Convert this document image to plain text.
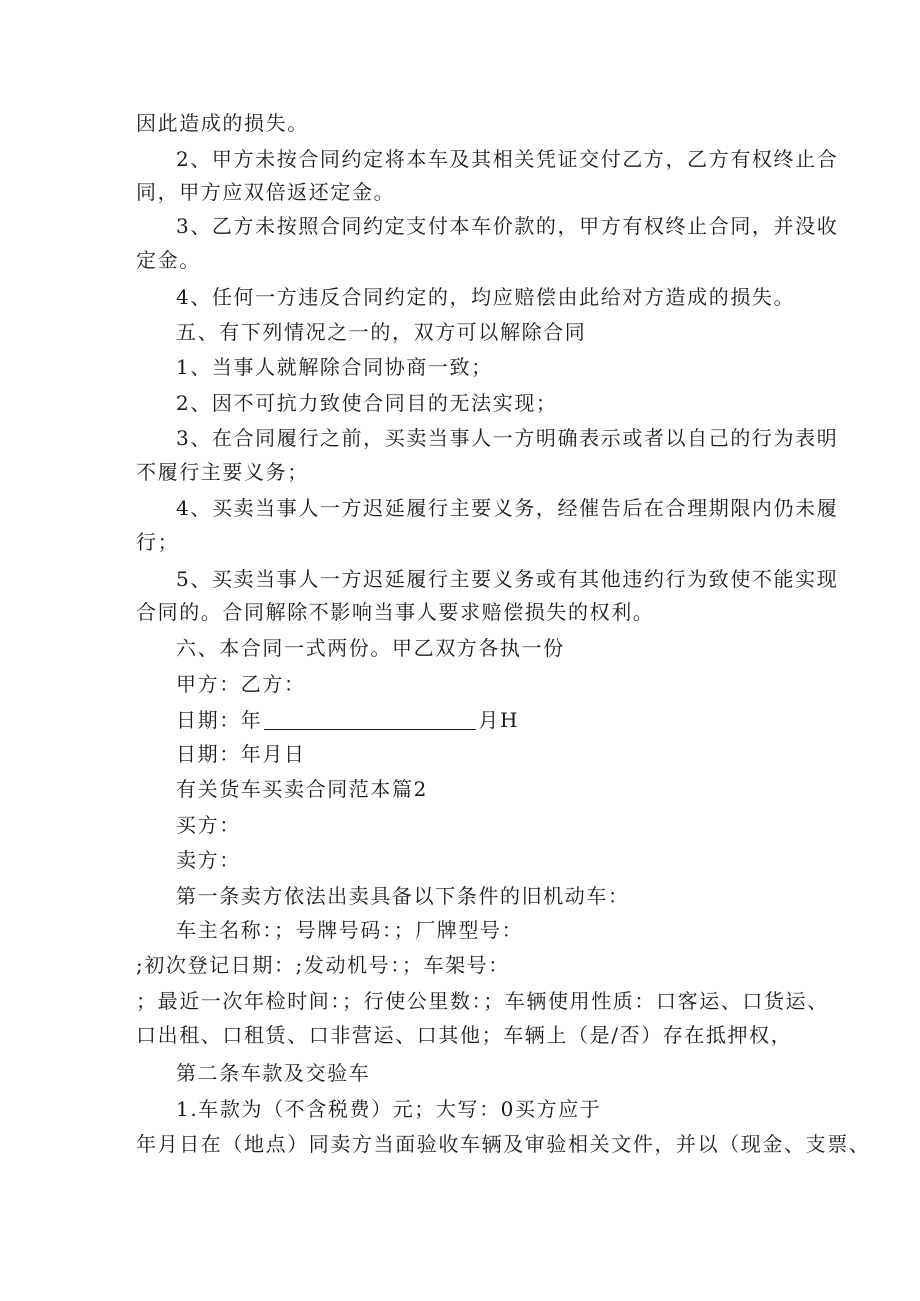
因此造成的损失。
2、甲方未按合同约定将本车及其相关凭证交付乙方，乙方有权终止合
同，甲方应双倍返还定金。
3、乙方未按照合同约定支付本车价款的，甲方有权终止合同，并没收
定金。
4、任何一方违反合同约定的，均应赔偿由此给对方造成的损失。
五、有下列情况之一的，双方可以解除合同
1、当事人就解除合同协商一致；
2、因不可抗力致使合同目的无法实现；
3、在合同履行之前，买卖当事人一方明确表示或者以自己的行为表明
不履行主要义务；
4、买卖当事人一方迟延履行主要义务，经催告后在合理期限内仍未履
行；
5、买卖当事人一方迟延履行主要义务或有其他违约行为致使不能实现
合同的。合同解除不影响当事人要求赔偿损失的权利。
六、本合同一式两份。甲乙双方各执一份
甲方：乙方：
日期：年	月H
日期：年月日
有关货车买卖合同范本篇2
买方：
卖方：
第一条卖方依法出卖具备以下条件的旧机动车：
车主名称：；号牌号码：；厂牌型号：
;初次登记日期：;发动机号：；车架号：
；最近一次年检时间：；行使公里数：；车辆使用性质：口客运、口货运、
口出租、口租赁、口非营运、口其他；车辆上（是/否）存在抵押权，
第二条车款及交验车
1.车款为（不含税费）元；大写：0买方应于
年月日在（地点）同卖方当面验收车辆及审验相关文件，并以（现金、支票、
